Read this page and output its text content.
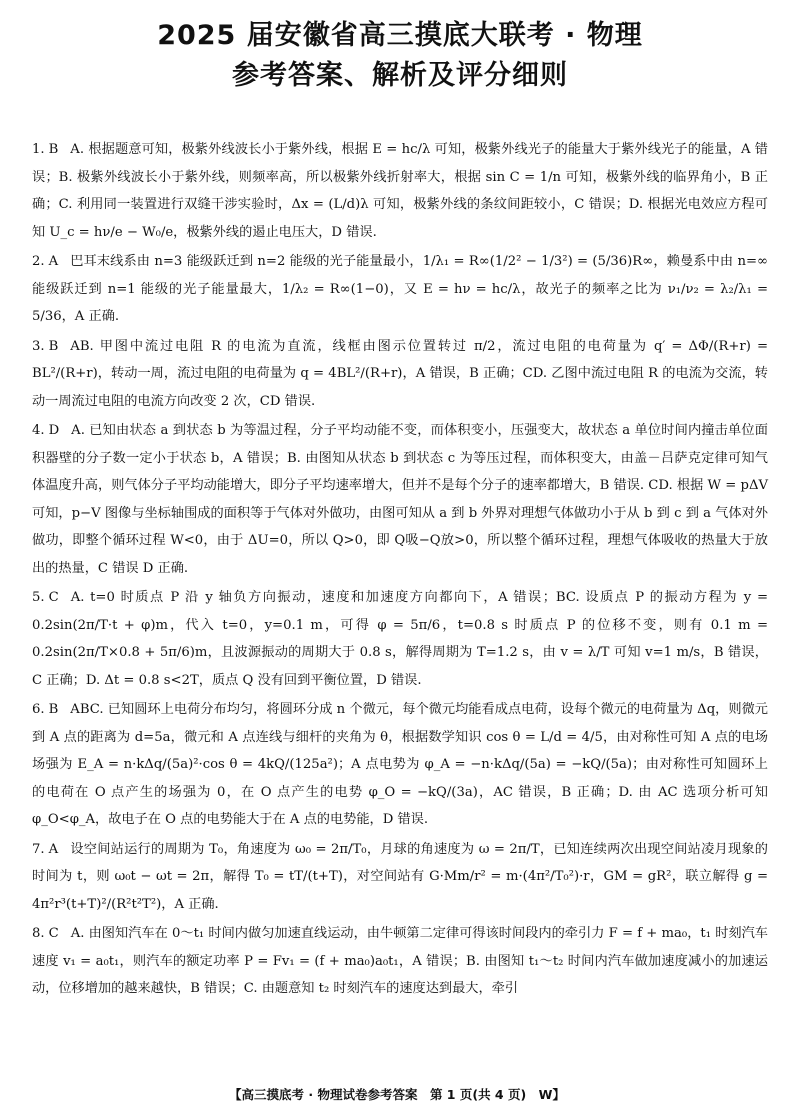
2025 届安徽省高三摸底大联考 · 物理
参考答案、解析及评分细则

1. B A. 根据题意可知，极紫外线波长小于紫外线，根据 E = hc/λ 可知，极紫外线光子的能量大于紫外线光子的能量，A 错误；B. 极紫外线波长小于紫外线，则频率高，所以极紫外线折射率大，根据 sin C = 1/n 可知，极紫外线的临界角小，B 正确；C. 利用同一装置进行双缝干涉实验时，Δx = (L/d)λ 可知，极紫外线的条纹间距较小，C 错误；D. 根据光电效应方程可知 U_c = hν/e − W₀/e，极紫外线的遏止电压大，D 错误.

2. A 巴耳末线系由 n=3 能级跃迁到 n=2 能级的光子能量最小，1/λ₁ = R∞(1/2² − 1/3²) = (5/36)R∞，赖曼系中由 n=∞ 能级跃迁到 n=1 能级的光子能量最大，1/λ₂ = R∞(1−0)，又 E = hν = hc/λ，故光子的频率之比为 ν₁/ν₂ = λ₂/λ₁ = 5/36，A 正确.

3. B AB. 甲图中流过电阻 R 的电流为直流，线框由图示位置转过 π/2，流过电阻的电荷量为 q′ = ΔΦ/(R+r) = BL²/(R+r)，转动一周，流过电阻的电荷量为 q = 4BL²/(R+r)，A 错误，B 正确；CD. 乙图中流过电阻 R 的电流为交流，转动一周流过电阻的电流方向改变 2 次，CD 错误.

4. D A. 已知由状态 a 到状态 b 为等温过程，分子平均动能不变，而体积变小，压强变大，故状态 a 单位时间内撞击单位面积器壁的分子数一定小于状态 b，A 错误；B. 由图知从状态 b 到状态 c 为等压过程，而体积变大，由盖－吕萨克定律可知气体温度升高，则气体分子平均动能增大，即分子平均速率增大，但并不是每个分子的速率都增大，B 错误. CD. 根据 W = pΔV 可知，p−V 图像与坐标轴围成的面积等于气体对外做功，由图可知从 a 到 b 外界对理想气体做功小于从 b 到 c 到 a 气体对外做功，即整个循环过程 W<0，由于 ΔU=0，所以 Q>0，即 Q吸−Q放>0，所以整个循环过程，理想气体吸收的热量大于放出的热量，C 错误 D 正确.

5. C A. t=0 时质点 P 沿 y 轴负方向振动，速度和加速度方向都向下，A 错误；BC. 设质点 P 的振动方程为 y = 0.2sin(2π/T·t + φ)m，代入 t=0，y=0.1 m，可得 φ = 5π/6，t=0.8 s 时质点 P 的位移不变，则有 0.1 m = 0.2sin(2π/T×0.8 + 5π/6)m，且波源振动的周期大于 0.8 s，解得周期为 T=1.2 s，由 v = λ/T 可知 v=1 m/s，B 错误，C 正确；D. Δt = 0.8 s<2T，质点 Q 没有回到平衡位置，D 错误.

6. B ABC. 已知圆环上电荷分布均匀，将圆环分成 n 个微元，每个微元均能看成点电荷，设每个微元的电荷量为 Δq，则微元到 A 点的距离为 d=5a，微元和 A 点连线与细杆的夹角为 θ，根据数学知识 cos θ = L/d = 4/5，由对称性可知 A 点的电场场强为 E_A = n·kΔq/(5a)²·cos θ = 4kQ/(125a²)；A 点电势为 φ_A = −n·kΔq/(5a) = −kQ/(5a)；由对称性可知圆环上的电荷在 O 点产生的场强为 0，在 O 点产生的电势 φ_O = −kQ/(3a)，AC 错误，B 正确；D. 由 AC 选项分析可知 φ_O<φ_A，故电子在 O 点的电势能大于在 A 点的电势能，D 错误.

7. A 设空间站运行的周期为 T₀，角速度为 ω₀ = 2π/T₀，月球的角速度为 ω = 2π/T，已知连续两次出现空间站凌月现象的时间为 t，则 ω₀t − ωt = 2π，解得 T₀ = tT/(t+T)，对空间站有 G·Mm/r² = m·(4π²/T₀²)·r，GM = gR²，联立解得 g = 4π²r³(t+T)²/(R²t²T²)，A 正确.

8. C A. 由图知汽车在 0～t₁ 时间内做匀加速直线运动，由牛顿第二定律可得该时间段内的牵引力 F = f + ma₀，t₁ 时刻汽车速度 v₁ = a₀t₁，则汽车的额定功率 P = Fv₁ = (f + ma₀)a₀t₁，A 错误；B. 由图知 t₁～t₂ 时间内汽车做加速度减小的加速运动，位移增加的越来越快，B 错误；C. 由题意知 t₂ 时刻汽车的速度达到最大，牵引

【高三摸底考 · 物理试卷参考答案　第 1 页(共 4 页)　W】
